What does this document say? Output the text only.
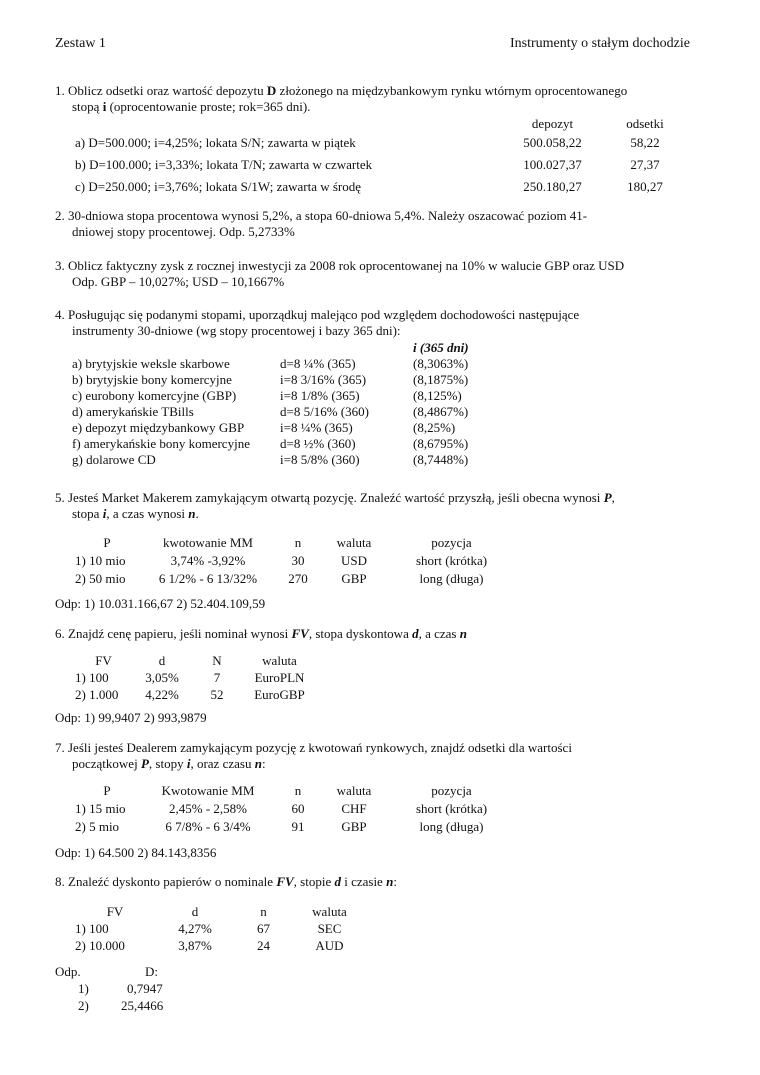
Zestaw 1	Instrumenty o stałym dochodzie
1. Oblicz odsetki oraz wartość depozytu D złożonego na międzybankowym rynku wtórnym oprocentowanego
stopą i (oprocentowanie proste; rok=365 dni).
	depozyt	odsetki
a) D=500.000; i=4,25%; lokata S/N; zawarta w piątek	500.058,22	58,22
b) D=100.000; i=3,33%; lokata T/N; zawarta w czwartek	100.027,37	27,37
c) D=250.000; i=3,76%; lokata S/1W; zawarta w środę	250.180,27	180,27
2. 30-dniowa stopa procentowa wynosi 5,2%, a stopa 60-dniowa 5,4%. Należy oszacować poziom 41-
dniowej stopy procentowej. Odp. 5,2733%
3. Oblicz faktyczny zysk z rocznej inwestycji za 2008 rok oprocentowanej na 10% w walucie GBP oraz USD
Odp. GBP – 10,027%; USD – 10,1667%
4. Posługując się podanymi stopami, uporządkuj malejąco pod względem dochodowości następujące
instrumenty 30-dniowe (wg stopy procentowej i bazy 365 dni):
		i (365 dni)
a) brytyjskie weksle skarbowe	d=8 ¼% (365)	(8,3063%)
b) brytyjskie bony komercyjne	i=8 3/16% (365)	(8,1875%)
c) eurobony komercyjne (GBP)	i=8 1/8% (365)	(8,125%)
d) amerykańskie TBills	d=8 5/16% (360)	(8,4867%)
e) depozyt międzybankowy GBP	i=8 ¼% (365)	(8,25%)
f) amerykańskie bony komercyjne	d=8 ½% (360)	(8,6795%)
g) dolarowe CD	i=8 5/8% (360)	(8,7448%)
5. Jesteś Market Makerem zamykającym otwartą pozycję. Znaleźć wartość przyszłą, jeśli obecna wynosi P,
stopa i, a czas wynosi n.
P	kwotowanie MM	n	waluta	pozycja
1) 10 mio	3,74% -3,92%	30	USD	short (krótka)
2) 50 mio	6 1/2% - 6 13/32%	270	GBP	long (długa)
Odp: 1) 10.031.166,67 2) 52.404.109,59
6. Znajdź cenę papieru, jeśli nominał wynosi FV, stopa dyskontowa d, a czas n
FV	d	N	waluta
1) 100	3,05%	7	EuroPLN
2) 1.000	4,22%	52	EuroGBP
Odp: 1) 99,9407 2) 993,9879
7. Jeśli jesteś Dealerem zamykającym pozycję z kwotowań rynkowych, znajdź odsetki dla wartości
początkowej P, stopy i, oraz czasu n:
P	Kwotowanie MM	n	waluta	pozycja
1) 15 mio	2,45% - 2,58%	60	CHF	short (krótka)
2) 5 mio	6 7/8% - 6 3/4%	91	GBP	long (długa)
Odp: 1) 64.500 2) 84.143,8356
8. Znaleźć dyskonto papierów o nominale FV, stopie d i czasie n:
FV	d	n	waluta
1) 100	4,27%	67	SEC
2) 10.000	3,87%	24	AUD
Odp.	D:
1)	0,7947
2) 25,4466
